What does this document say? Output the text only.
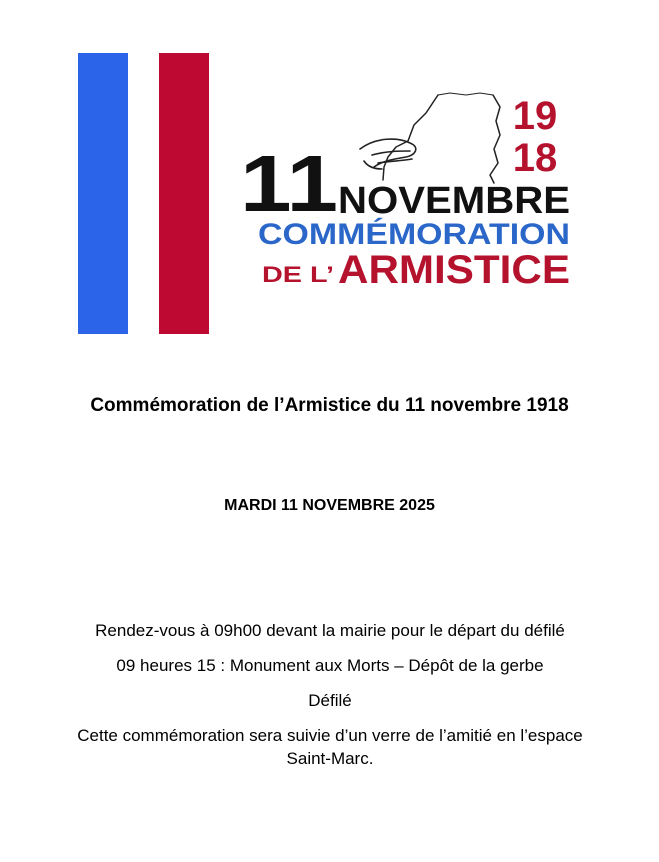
19
18
11 NOVEMBRE
COMMÉMORATION
DE L’ ARMISTICE
Commémoration de l’Armistice du 11 novembre 1918
MARDI 11 NOVEMBRE 2025

Rendez-vous à 09h00 devant la mairie pour le départ du défilé

09 heures 15 : Monument aux Morts – Dépôt de la gerbe

Défilé

Cette commémoration sera suivie d’un verre de l’amitié en l’espace Saint-Marc.
